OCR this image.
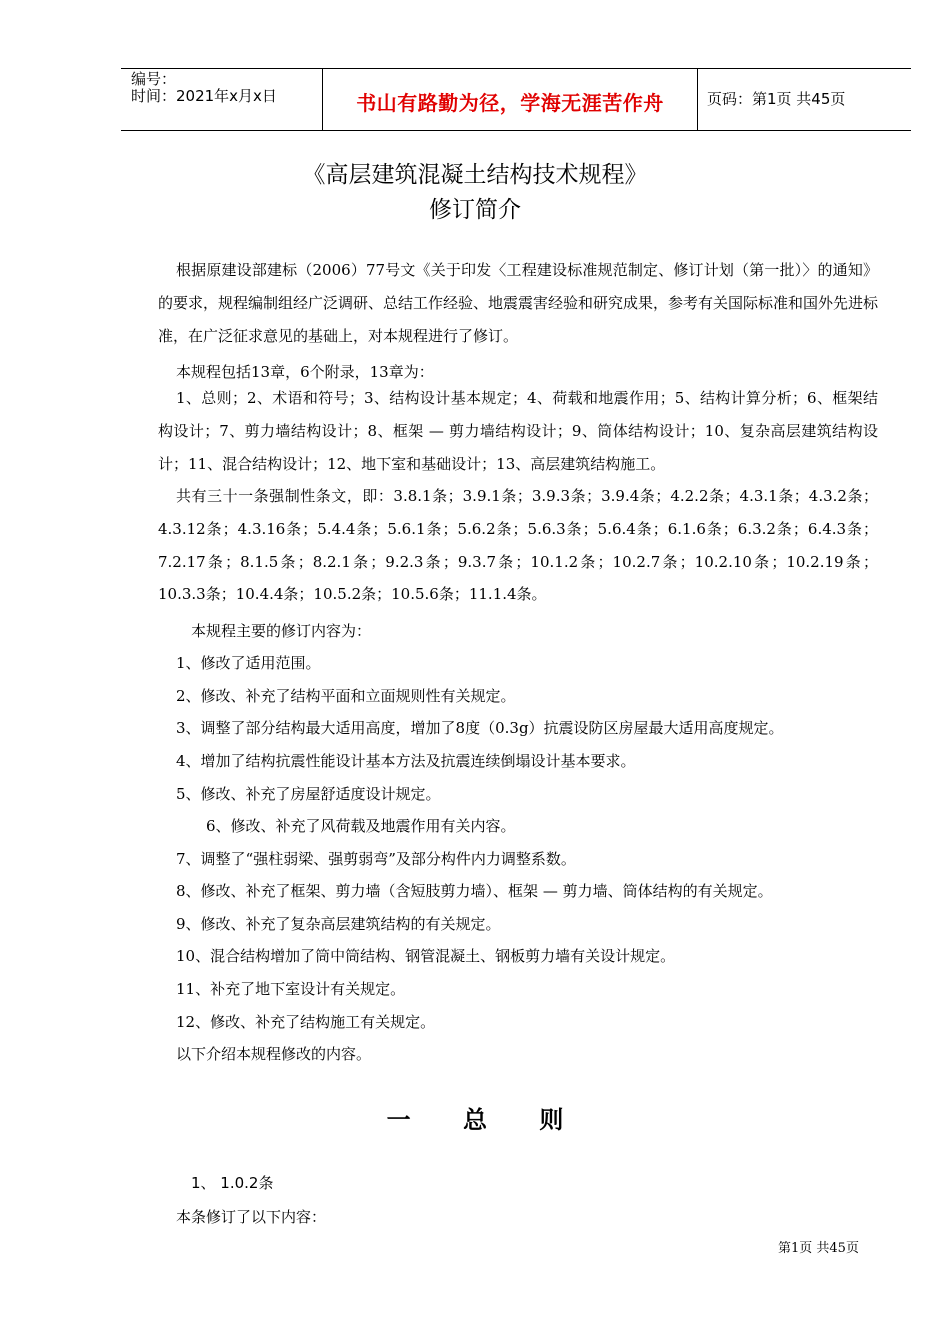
编号：
时间：2021年x月x日	书山有路勤为径，学海无涯苦作舟	页码：第1页 共45页
《高层建筑混凝土结构技术规程》
修订简介
根据原建设部建标（2006）77号文《关于印发〈工程建设标准规范制定、修订计划（第一批）〉的通知》的要求，规程编制组经广泛调研、总结工作经验、地震震害经验和研究成果，参考有关国际标准和国外先进标准，在广泛征求意见的基础上，对本规程进行了修订。
本规程包括13章，6个附录，13章为：
1、总则；2、术语和符号；3、结构设计基本规定；4、荷载和地震作用；5、结构计算分析；6、框架结构设计；7、剪力墙结构设计；8、框架 — 剪力墙结构设计；9、筒体结构设计；10、复杂高层建筑结构设计；11、混合结构设计；12、地下室和基础设计；13、高层建筑结构施工。
共有三十一条强制性条文，即：3.8.1条；3.9.1条；3.9.3条；3.9.4条；4.2.2条；4.3.1条；4.3.2条；4.3.12条；4.3.16条；5.4.4条；5.6.1条；5.6.2条；5.6.3条；5.6.4条；6.1.6条；6.3.2条；6.4.3条；7.2.17条；8.1.5条；8.2.1条；9.2.3条；9.3.7条；10.1.2条；10.2.7条；10.2.10条；10.2.19条；10.3.3条；10.4.4条；10.5.2条；10.5.6条；11.1.4条。
本规程主要的修订内容为：
1、修改了适用范围。
2、修改、补充了结构平面和立面规则性有关规定。
3、调整了部分结构最大适用高度，增加了8度（0.3g）抗震设防区房屋最大适用高度规定。
4、增加了结构抗震性能设计基本方法及抗震连续倒塌设计基本要求。
5、修改、补充了房屋舒适度设计规定。
6、修改、补充了风荷载及地震作用有关内容。
7、调整了“强柱弱梁、强剪弱弯”及部分构件内力调整系数。
8、修改、补充了框架、剪力墙（含短肢剪力墙）、框架 — 剪力墙、筒体结构的有关规定。
9、修改、补充了复杂高层建筑结构的有关规定。
10、混合结构增加了筒中筒结构、钢管混凝土、钢板剪力墙有关设计规定。
11、补充了地下室设计有关规定。
12、修改、补充了结构施工有关规定。
以下介绍本规程修改的内容。
一 总 则
1、 1.0.2条
本条修订了以下内容：
第1页 共45页
